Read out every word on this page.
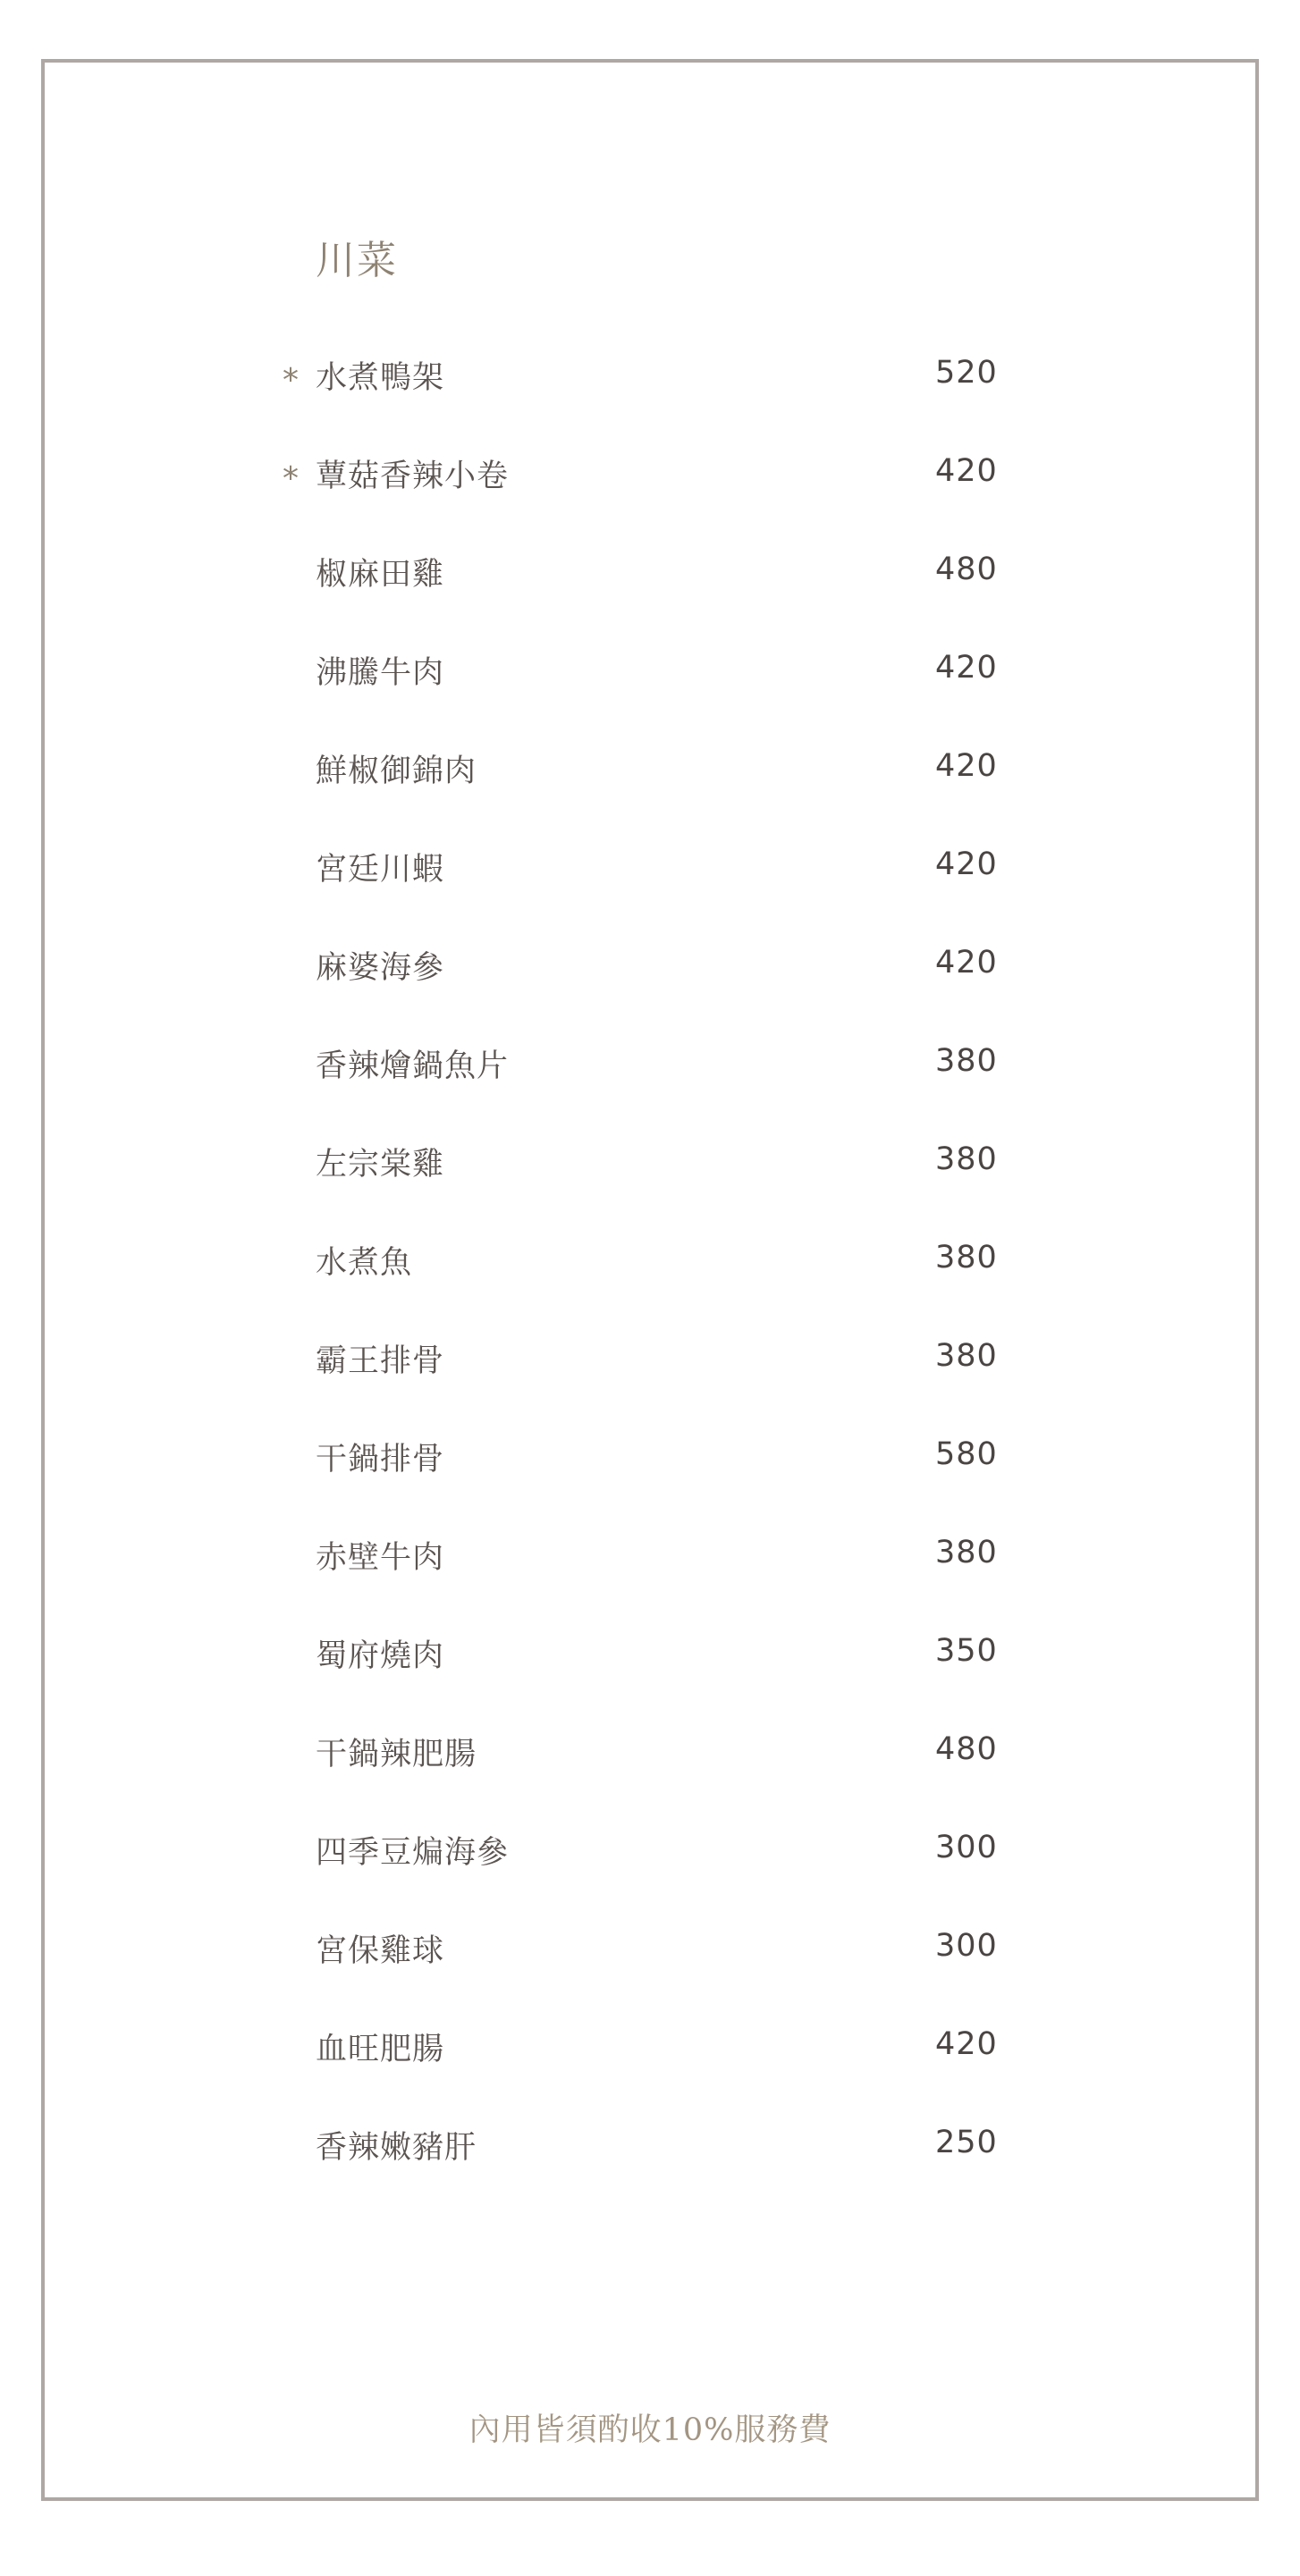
川菜
* 水煮鴨架	520
* 蕈菇香辣小卷	420
椒麻田雞	480
沸騰牛肉	420
鮮椒御錦肉	420
宮廷川蝦	420
麻婆海參	420
香辣燴鍋魚片	380
左宗棠雞	380
水煮魚	380
霸王排骨	380
干鍋排骨	580
赤壁牛肉	380
蜀府燒肉	350
干鍋辣肥腸	480
四季豆煸海參	300
宮保雞球	300
血旺肥腸	420
香辣嫩豬肝	250
內用皆須酌收10%服務費
